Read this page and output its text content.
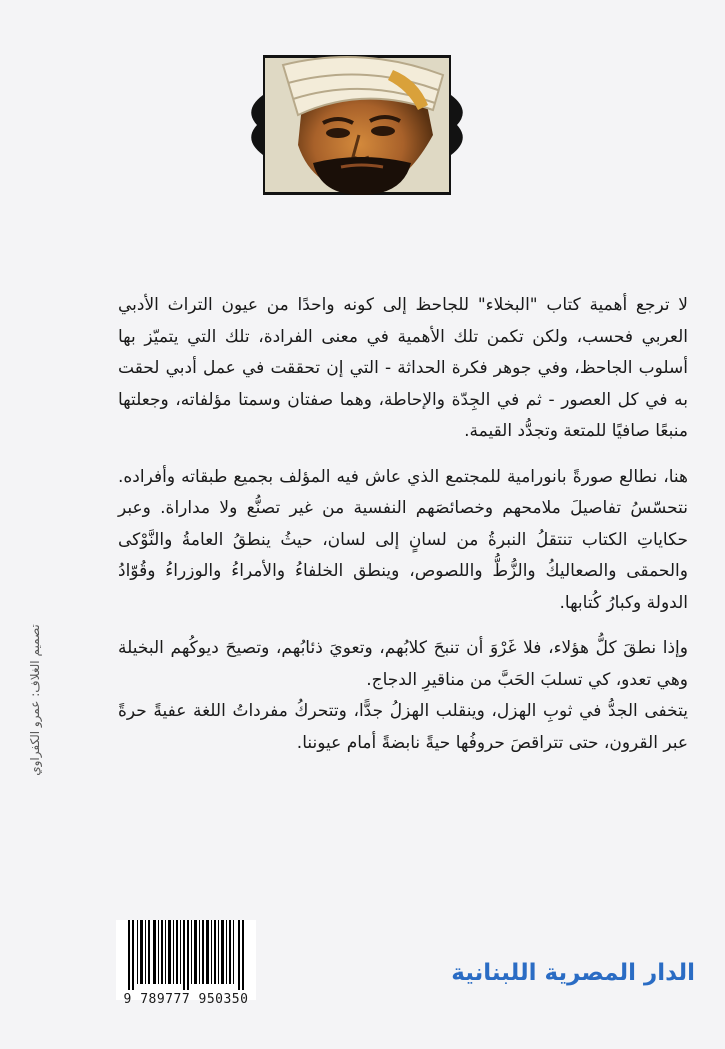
لا ترجع أهمية كتاب "البخلاء" للجاحظ إلى كونه واحدًا من عيون التراث الأدبي العربي فحسب، ولكن تكمن تلك الأهمية في معنى الفرادة، تلك التي يتميّز بها أسلوب الجاحظ، وفي جوهر فكرة الحداثة - التي إن تحققت في عمل أدبي لحقت به في كل العصور - ثم في الجِدّة والإحاطة، وهما صفتان وسمتا مؤلفاته، وجعلتها منبعًا صافيًا للمتعة وتجدُّد القيمة.

هنا، نطالع صورةً بانورامية للمجتمع الذي عاش فيه المؤلف بجميع طبقاته وأفراده. نتحسّسُ تفاصيلَ ملامحهم وخصائصَهم النفسية من غير تصنُّع ولا مداراة. وعبر حكاياتِ الكتاب تنتقلُ النبرةُ من لسانٍ إلى لسان، حيثُ ينطقُ العامةُ والنَّوْكى والحمقى والصعاليكُ والزُّطُّ واللصوص، وينطق الخلفاءُ والأمراءُ والوزراءُ وقُوّادُ الدولة وكبارُ كُتابها.

وإذا نطقَ كلُّ هؤلاء، فلا غَرْوَ أن تنبحَ كلابُهم، وتعويَ ذئابُهم، وتصيحَ ديوكُهم البخيلة وهي تعدو، كي تسلبَ الحَبَّ من مناقيرِ الدجاج.

يتخفى الجدُّ في ثوبِ الهزل، وينقلب الهزلُ جدًّا، وتتحركُ مفرداتُ اللغة عفيةً حرةً عبر القرون، حتى تتراقصَ حروفُها حيةً نابضةً أمام عيوننا.

تصميم الغلاف: عمرو الكفراوي
9 789777 950350
الدار المصرية اللبنانية
